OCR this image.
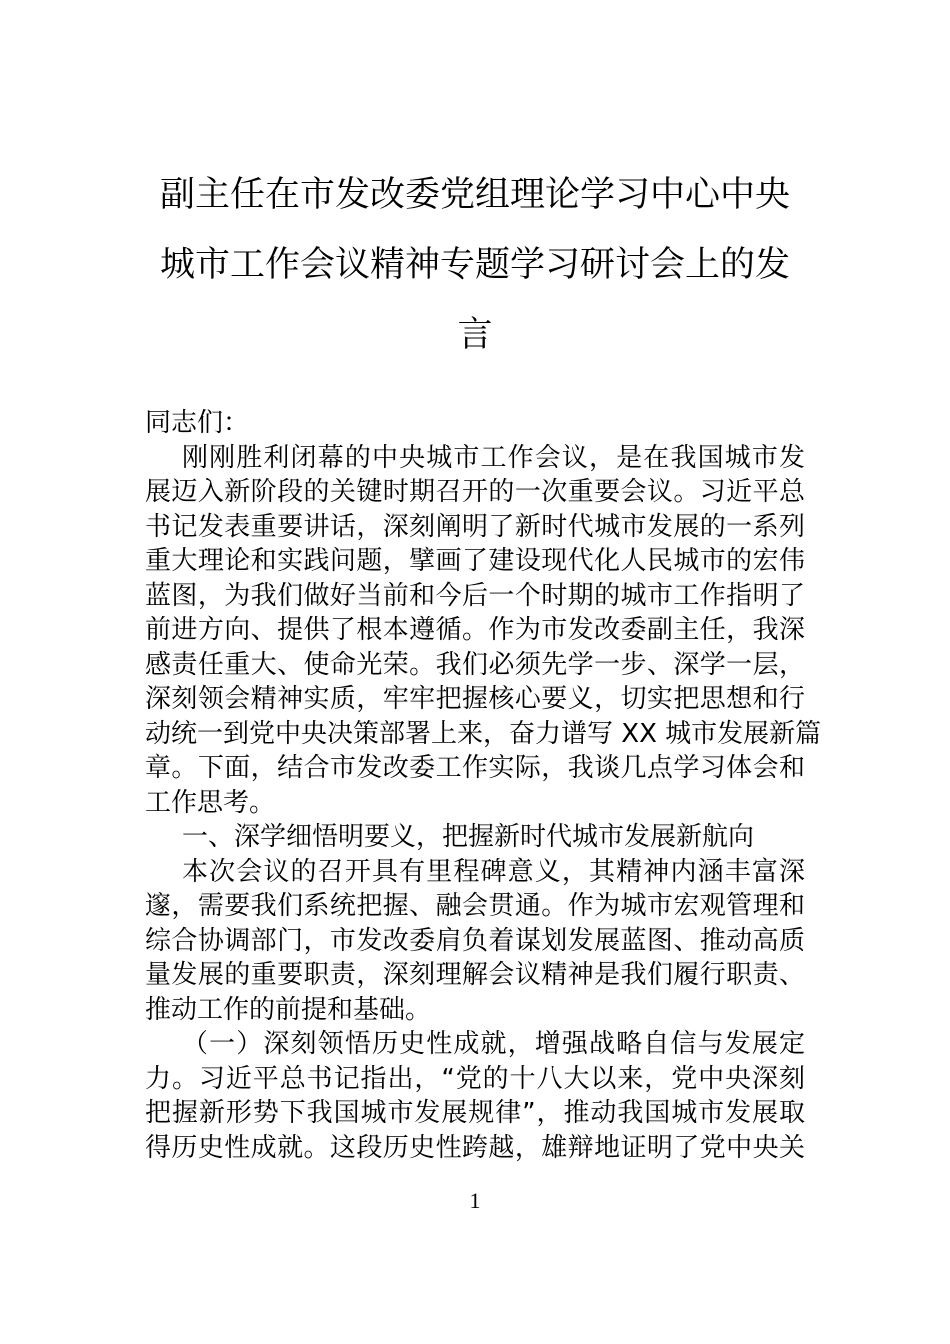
副主任在市发改委党组理论学习中心中央
城市工作会议精神专题学习研讨会上的发
言
同志们：
刚刚胜利闭幕的中央城市工作会议，是在我国城市发
展迈入新阶段的关键时期召开的一次重要会议。习近平总
书记发表重要讲话，深刻阐明了新时代城市发展的一系列
重大理论和实践问题，擘画了建设现代化人民城市的宏伟
蓝图，为我们做好当前和今后一个时期的城市工作指明了
前进方向、提供了根本遵循。作为市发改委副主任，我深
感责任重大、使命光荣。我们必须先学一步、深学一层，
深刻领会精神实质，牢牢把握核心要义，切实把思想和行
动统一到党中央决策部署上来，奋力谱写 XX 城市发展新篇
章。下面，结合市发改委工作实际，我谈几点学习体会和
工作思考。
一、深学细悟明要义，把握新时代城市发展新航向
本次会议的召开具有里程碑意义，其精神内涵丰富深
邃，需要我们系统把握、融会贯通。作为城市宏观管理和
综合协调部门，市发改委肩负着谋划发展蓝图、推动高质
量发展的重要职责，深刻理解会议精神是我们履行职责、
推动工作的前提和基础。
（一）深刻领悟历史性成就，增强战略自信与发展定
力。习近平总书记指出，“党的十八大以来，党中央深刻
把握新形势下我国城市发展规律”，推动我国城市发展取
得历史性成就。这段历史性跨越，雄辩地证明了党中央关
1
